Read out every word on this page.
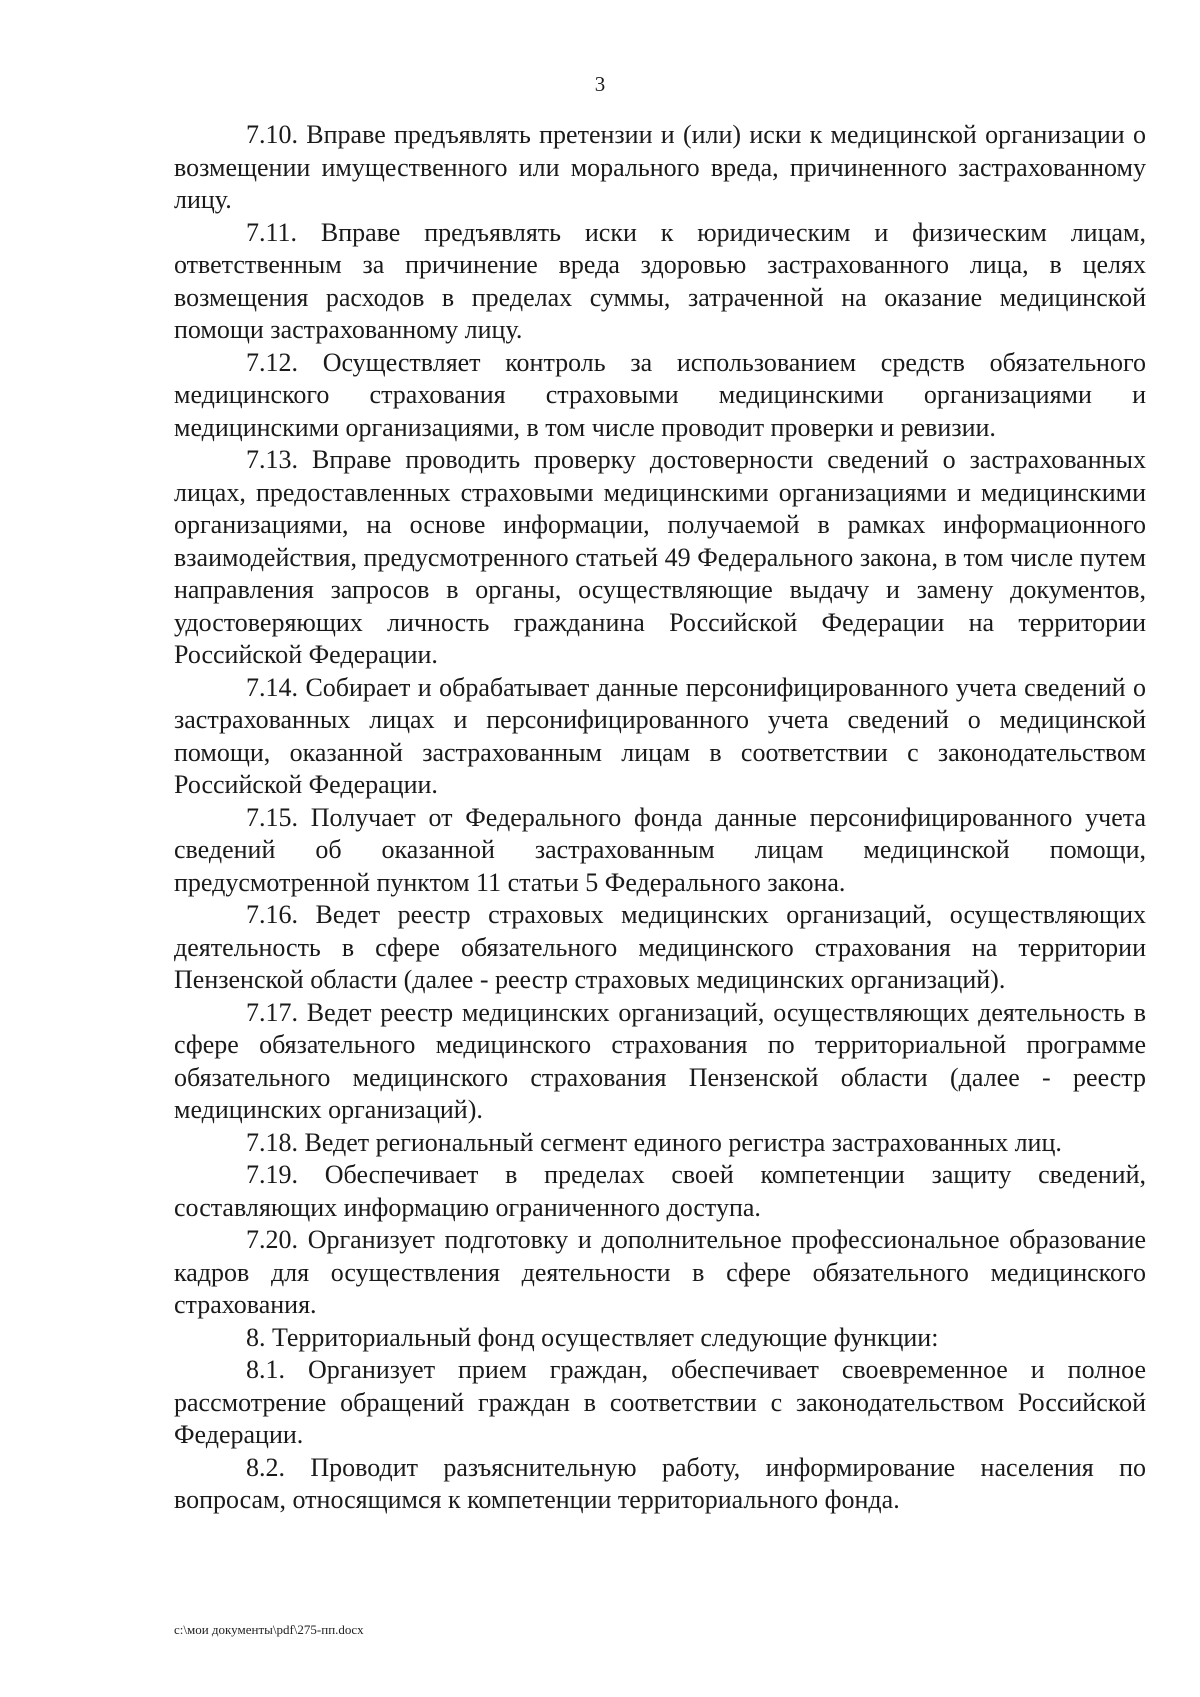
3

7.10. Вправе предъявлять претензии и (или) иски к медицинской организации о возмещении имущественного или морального вреда, причиненного застрахованному лицу.

7.11. Вправе предъявлять иски к юридическим и физическим лицам, ответственным за причинение вреда здоровью застрахованного лица, в целях возмещения расходов в пределах суммы, затраченной на оказание медицинской помощи застрахованному лицу.

7.12. Осуществляет контроль за использованием средств обязательного медицинского страхования страховыми медицинскими организациями и медицинскими организациями, в том числе проводит проверки и ревизии.

7.13. Вправе проводить проверку достоверности сведений о застрахованных лицах, предоставленных страховыми медицинскими организациями и медицинскими организациями, на основе информации, получаемой в рамках информационного взаимодействия, предусмотренного статьей 49 Федерального закона, в том числе путем направления запросов в органы, осуществляющие выдачу и замену документов, удостоверяющих личность гражданина Российской Федерации на территории Российской Федерации.

7.14. Собирает и обрабатывает данные персонифицированного учета сведений о застрахованных лицах и персонифицированного учета сведений о медицинской помощи, оказанной застрахованным лицам в соответствии с законодательством Российской Федерации.

7.15. Получает от Федерального фонда данные персонифицированного учета сведений об оказанной застрахованным лицам медицинской помощи, предусмотренной пунктом 11 статьи 5 Федерального закона.

7.16. Ведет реестр страховых медицинских организаций, осуществляющих деятельность в сфере обязательного медицинского страхования на территории Пензенской области (далее - реестр страховых медицинских организаций).

7.17. Ведет реестр медицинских организаций, осуществляющих деятельность в сфере обязательного медицинского страхования по территориальной программе обязательного медицинского страхования Пензенской области (далее - реестр медицинских организаций).

7.18. Ведет региональный сегмент единого регистра застрахованных лиц.

7.19. Обеспечивает в пределах своей компетенции защиту сведений, составляющих информацию ограниченного доступа.

7.20. Организует подготовку и дополнительное профессиональное образование кадров для осуществления деятельности в сфере обязательного медицинского страхования.

8. Территориальный фонд осуществляет следующие функции:

8.1. Организует прием граждан, обеспечивает своевременное и полное рассмотрение обращений граждан в соответствии с законодательством Российской Федерации.

8.2. Проводит разъяснительную работу, информирование населения по вопросам, относящимся к компетенции территориального фонда.

c:\мои документы\pdf\275-пп.docx
